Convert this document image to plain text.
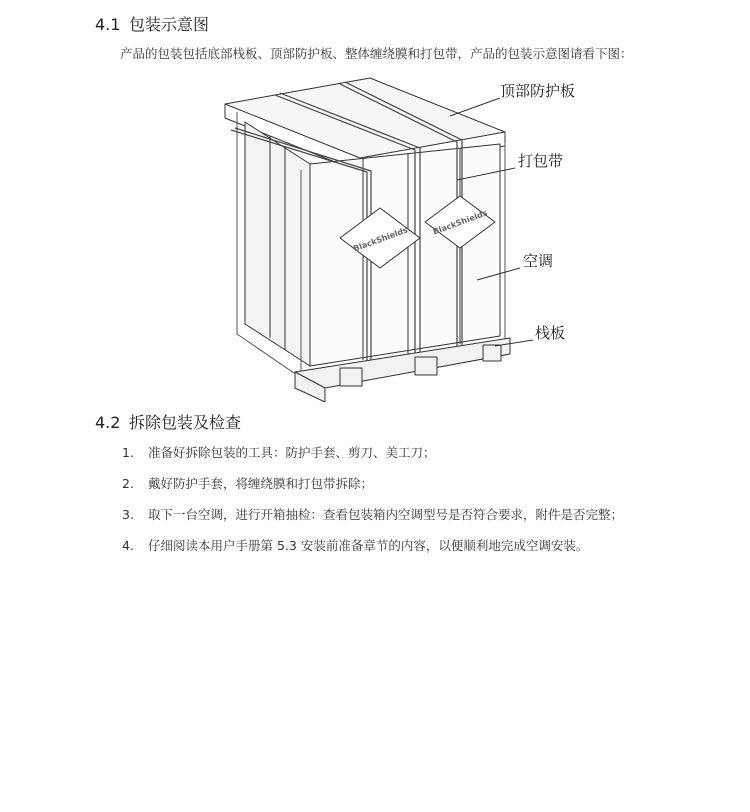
4.1 包装示意图
产品的包装包括底部栈板、顶部防护板、整体缠绕膜和打包带，产品的包装示意图请看下图：
BlackShields
BlackShields
顶部防护板
打包带
空调
栈板
4.2 拆除包装及检查
1. 准备好拆除包装的工具：防护手套、剪刀、美工刀；
2. 戴好防护手套，将缠绕膜和打包带拆除；
3. 取下一台空调，进行开箱抽检：查看包装箱内空调型号是否符合要求，附件是否完整；
4. 仔细阅读本用户手册第 5.3 安装前准备章节的内容，以便顺利地完成空调安装。
